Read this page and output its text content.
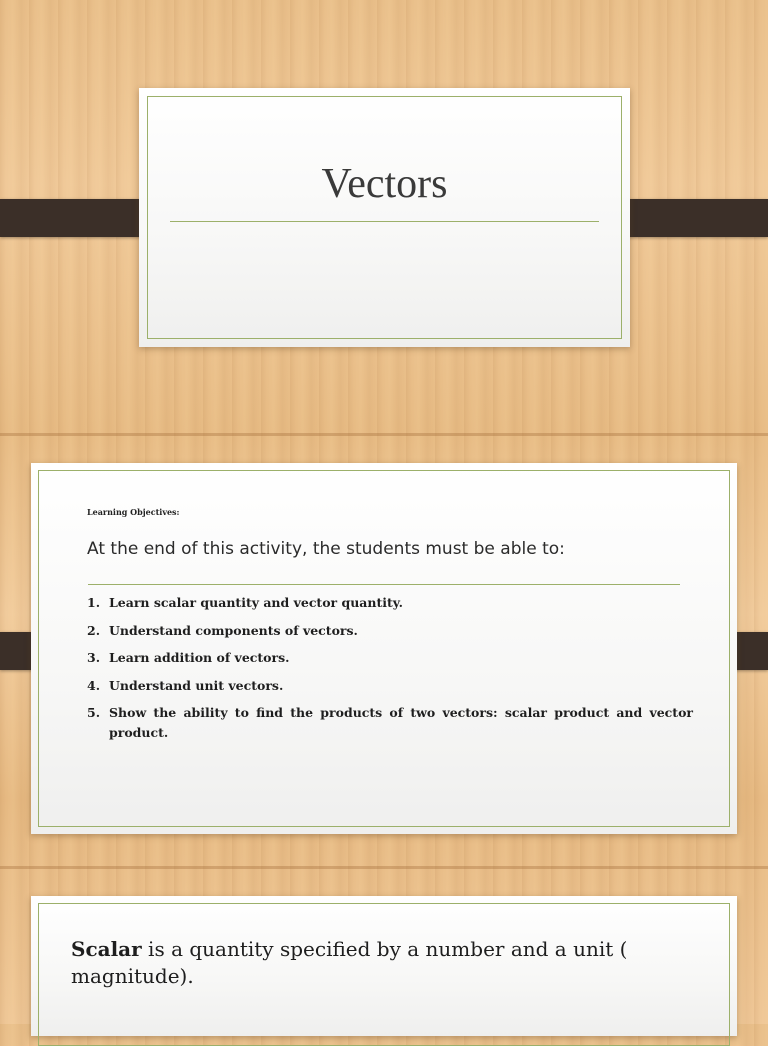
Vectors
Learning Objectives:
At the end of this activity, the students must be able to:
1. Learn scalar quantity and vector quantity.
2. Understand components of vectors.
3. Learn addition of vectors.
4. Understand unit vectors.
5. Show the ability to find the products of two vectors: scalar product and vector product.
Scalar is a quantity specified by a number and a unit ( magnitude).
